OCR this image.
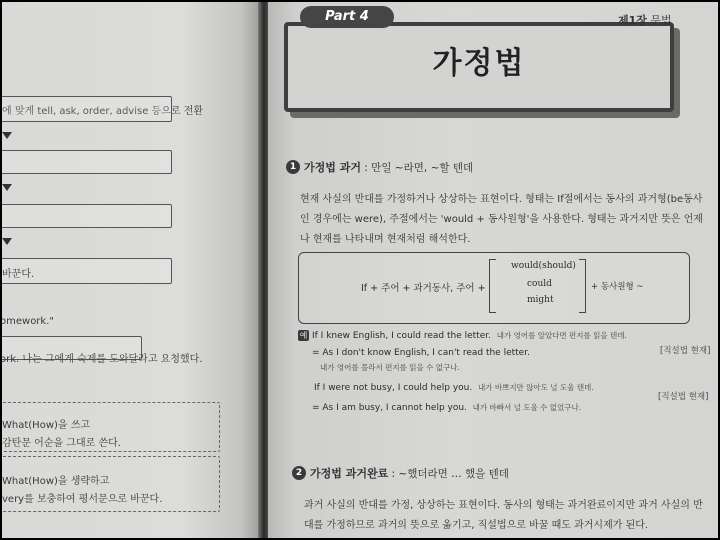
에 맞게 tell, ask, order, advise 등으로 전환
바꾼다.
omework."
ork. 나는 그에게 숙제를 도와달라고 요청했다.
What(How)을 쓰고
감탄문 어순을 그대로 쓴다.
What(How)을 생략하고
very를 보충하여 평서문으로 바꾼다.
가정법
Part 4	제1장 문법
1 가정법 과거 : 만일 ~라면, ~할 텐데
현재 사실의 반대를 가정하거나 상상하는 표현이다. 형태는 If절에서는 동사의 과거형(be동사
인 경우에는 were), 주절에서는 'would + 동사원형'을 사용한다. 형태는 과거지만 뜻은 언제
나 현재를 나타내며 현재처럼 해석한다.
If + 주어 + 과거동사, 주어 +
would(should)
could
might
+ 동사원형 ~
예 If I knew English, I could read the letter. 내가 영어를 알았다면 편지를 읽을 텐데.
[직설법 현재]
= As I don't know English, I can't read the letter.
내가 영어를 몰라서 편지를 읽을 수 없구나.
If I were not busy, I could help you. 내가 바쁘지만 않아도 널 도울 텐데.
[직설법 현재]
= As I am busy, I cannot help you. 내가 바빠서 널 도울 수 없었구나.
2 가정법 과거완료 : ~했더라면 … 했을 텐데
과거 사실의 반대를 가정, 상상하는 표현이다. 동사의 형태는 과거완료이지만 과거 사실의 반
대를 가정하므로 과거의 뜻으로 옮기고, 직설법으로 바꿀 때도 과거시제가 된다.
